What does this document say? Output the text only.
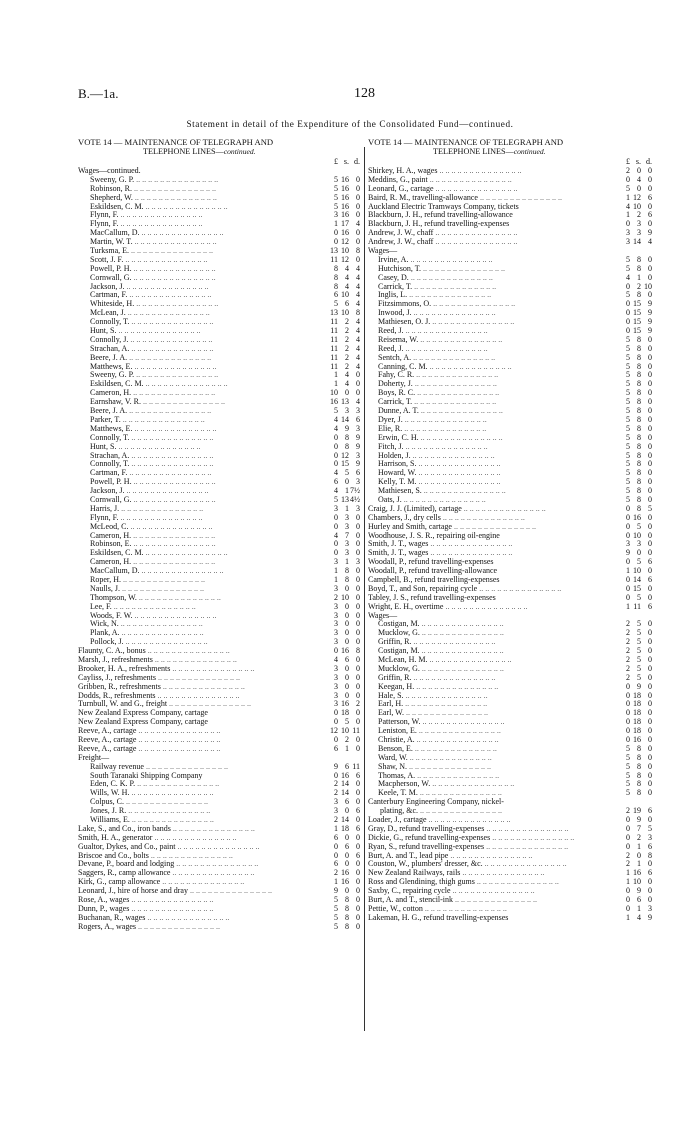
B.—1a.	128
Statement in detail of the Expenditure of the Consolidated Fund—continued.
VOTE 14 — MAINTENANCE OF TELEGRAPH AND
TELEPHONE LINES—continued.
£ s. d.
Wages—continued.
Sweeny, G. P. .. .	5 16 0
Robinson, R. .. .	5 16 0
Shepherd, W. .. .	5 16 0
Eskildsen, C. M. .. .	5 16 0
Flynn, F. .. .	3 16 0
Flynn, F. .. .	1 17 4
MacCallum, D. .. .	0 16 0
Martin, W. T. .. .	0 12 0
Turksma, E. .. .	13 10 8
Scott, J. F. .. .	11 12 0
Powell, P. H. .. .	8 4 4
Cornwall, G. .. .	8 4 4
Jackson, J. .. .	8 4 4
Cartman, F. .. .	6 10 4
Whiteside, H. .. .	5 6 4
McLean, J. .. .	13 10 8
Connolly, T. .. .	11 2 4
Hunt, S. .. .	11 2 4
Connolly, J. .. .	11 2 4
Strachan, A. .. .	11 2 4
Beere, J. A. .. .	11 2 4
Matthews, E. .. .	11 2 4
Sweeny, G. P. .. .	1 4 0
Eskildsen, C. M. .. .	1 4 0
Cameron, H. .. .	10 0 0
Earnshaw, V. R. .. .	16 13 4
Beere, J. A. .. .	5 3 3
Parker, T. .. .	4 14 6
Matthews, E. .. .	4 9 3
Connolly, T. .. .	0 8 9
Hunt, S. .. .	0 8 9
Strachan, A. .. .	0 12 3
Connolly, T. .. .	0 15 9
Cartman, F. .. .	4 5 6
Powell, P. H. .. .	6 0 3
Jackson, J. .. .	4 1 7½
Cornwall, G. .. .	5 13 4½
Harris, J. .. .	3 1 3
Flynn, F. .. .	0 3 0
McLeod, C. .. .	0 3 0
Cameron, H. .. .	4 7 0
Robinson, E. .. .	0 3 0
Eskildsen, C. M. .. .	0 3 0
Cameron, H. .. .	3 1 3
MacCallum, D. .. .	1 8 0
Roper, H. .. .	1 8 0
Naulls, J. .. .	3 0 0
Thompson, W. .. .	2 10 0
Lee, F. .. .	3 0 0
Woods, F. W. .. .	3 0 0
Wick, N. .. .	3 0 0
Plank, A. .. .	3 0 0
Pollock, J. .. .	3 0 0
Flaunty, C. A., bonus .. .	0 16 8
Marsh, J., refreshments .. .	4 6 0
Brooker, H. A., refreshments .. .	3 0 0
Cayliss, J., refreshments .. .	3 0 0
Gribben, R., refreshments .. .	3 0 0
Dodds, R., refreshments .. .	3 0 0
Turnbull, W. and G., freight .. .	3 16 2
New Zealand Express Company, cartage	0 18 0
New Zealand Express Company, cartage	0 5 0
Reeve, A., cartage .. .	12 10 11
Reeve, A., cartage .. .	0 2 0
Reeve, A., cartage .. .	6 1 0
Freight—
Railway revenue .. .	9 6 11
South Taranaki Shipping Company	0 16 6
Eden, C. K. P. .. .	2 14 0
Wills, W. H. .. .	2 14 0
Colpus, C. .. .	3 6 0
Jones, J. R. .. .	3 0 6
Williams, E. .. .	2 14 0
Lake, S., and Co., iron bands .. .	1 18 6
Smith, H. A., generator .. .	6 0 0
Gualtor, Dykes, and Co., paint .. .	0 6 0
Briscoe and Co., bolts .. .	0 0 6
Devane, P., board and lodging .. .	6 0 0
Saggers, R., camp allowance .. .	2 16 0
Kirk, G., camp allowance .. .	1 16 0
Leonard, J., hire of horse and dray .. .	9 0 0
Rose, A., wages .. .	5 8 0
Dunn, P., wages .. .	5 8 0
Buchanan, R., wages .. .	5 8 0
Rogers, A., wages .. .	5 8 0
VOTE 14 — MAINTENANCE OF TELEGRAPH AND
TELEPHONE LINES—continued.
£ s. d.
Shirkey, H. A., wages .. .	2 0 0
Meddins, G., paint .. .	0 4 0
Leonard, G., cartage .. .	5 0 0
Baird, R. M., travelling-allowance .. .	1 12 6
Auckland Electric Tramways Company, tickets	4 10 0
Blackburn, J. H., refund travelling-allowance	1 2 6
Blackburn, J. H., refund travelling-expenses	0 3 0
Andrew, J. W., chaff .. .	3 3 9
Andrew, J. W., chaff .. .	3 14 4
Wages—
Irvine, A. .. .	5 8 0
Hutchison, T. .. .	5 8 0
Casey, D. .. .	4 1 0
Carrick, T. .. .	0 2 10
Inglis, L. .. .	5 8 0
Fitzsimmons, O. .. .	0 15 9
Inwood, J. .. .	0 15 9
Mathiesen, O. J. .. .	0 15 9
Reed, J. .. .	0 15 9
Reisema, W. .. .	5 8 0
Reed, J. .. .	5 8 0
Sentch, A. .. .	5 8 0
Canning, C. M. .. .	5 8 0
Fahy, C. R. .. .	5 8 0
Doherty, J. .. .	5 8 0
Boys, R. C. .. .	5 8 0
Carrick, T. .. .	5 8 0
Dunne, A. T. .. .	5 8 0
Dyer, J. .. .	5 8 0
Elie, R. .. .	5 8 0
Erwin, C. H. .. .	5 8 0
Fitch, J. .. .	5 8 0
Holden, J. .. .	5 8 0
Harrison, S. .. .	5 8 0
Howard, W. .. .	5 8 0
Kelly, T. M. .. .	5 8 0
Mathiesen, S. .. .	5 8 0
Oats, J. .. .	5 8 0
Craig, J. J. (Limited), cartage .. .	0 8 5
Chambers, J., dry cells .. .	0 16 0
Hurley and Smith, cartage .. .	0 5 0
Woodhouse, J. S. R., repairing oil-engine	0 10 0
Smith, J. T., wages .. .	3 3 0
Smith, J. T., wages .. .	9 0 0
Woodall, P., refund travelling-expenses	0 5 6
Woodall, P., refund travelling-allowance	1 10 0
Campbell, B., refund travelling-expenses	0 14 6
Boyd, T., and Son, repairing cycle .. .	0 15 0
Tabley, J. S., refund travelling-expenses	0 5 0
Wright, E. H., overtime .. .	1 11 6
Wages—
Costigan, M. .. .	2 5 0
Mucklow, G. .. .	2 5 0
Griffin, R. .. .	2 5 0
Costigan, M. .. .	2 5 0
McLean, H. M. .. .	2 5 0
Mucklow, G. .. .	2 5 0
Griffin, R. .. .	2 5 0
Keegan, H. .. .	0 9 0
Hale, S. .. .	0 18 0
Earl, H. .. .	0 18 0
Earl, W. .. .	0 18 0
Patterson, W. .. .	0 18 0
Leniston, E. .. .	0 18 0
Christie, A. .. .	0 16 0
Benson, E. .. .	5 8 0
Ward, W. .. .	5 8 0
Shaw, N. .. .	5 8 0
Thomas, A. .. .	5 8 0
Macpherson, W. .. .	5 8 0
Keele, T. M. .. .	5 8 0
Canterbury Engineering Company, nickel-
plating, &c. .. .	2 19 6
Loader, J., cartage .. .	0 9 0
Gray, D., refund travelling-expenses .. .	0 7 5
Dickie, G., refund travelling-expenses .. .	0 2 3
Ryan, S., refund travelling-expenses .. .	0 1 6
Burt, A. and T., lead pipe .. .	2 0 8
Couston, W., plumbers' dresser, &c. .. .	2 1 0
New Zealand Railways, rails .. .	1 16 6
Ross and Glendining, thigh gums .. .	1 10 0
Saxby, C., repairing cycle .. .	0 9 0
Burt, A. and T., stencil-ink .. .	0 6 0
Pettie, W., cotton .. .	0 1 3
Lakeman, H. G., refund travelling-expenses	1 4 9
